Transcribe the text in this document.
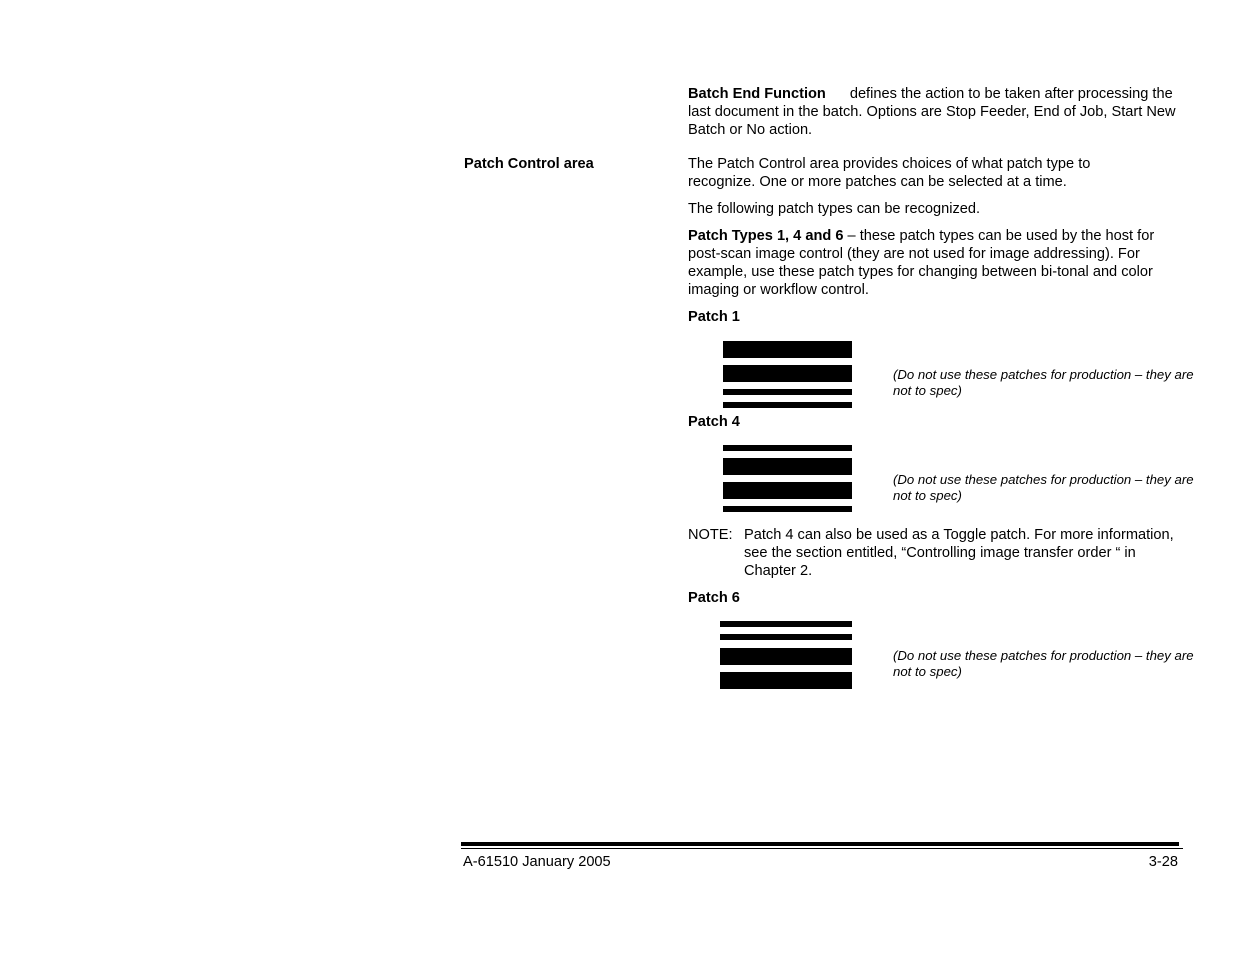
Batch End Function defines the action to be taken after processing the last document in the batch. Options are Stop Feeder, End of Job, Start New Batch or No action.

Patch Control area	The Patch Control area provides choices of what patch type to recognize. One or more patches can be selected at a time.

The following patch types can be recognized.

Patch Types 1, 4 and 6 – these patch types can be used by the host for post-scan image control (they are not used for image addressing). For example, use these patch types for changing between bi-tonal and color imaging or workflow control.

Patch 1

(Do not use these patches for production – they are not to spec)

Patch 4

(Do not use these patches for production – they are not to spec)

NOTE: Patch 4 can also be used as a Toggle patch. For more information, see the section entitled, “Controlling image transfer order “ in Chapter 2.

Patch 6

(Do not use these patches for production – they are not to spec)

A-61510 January 2005	3-28
